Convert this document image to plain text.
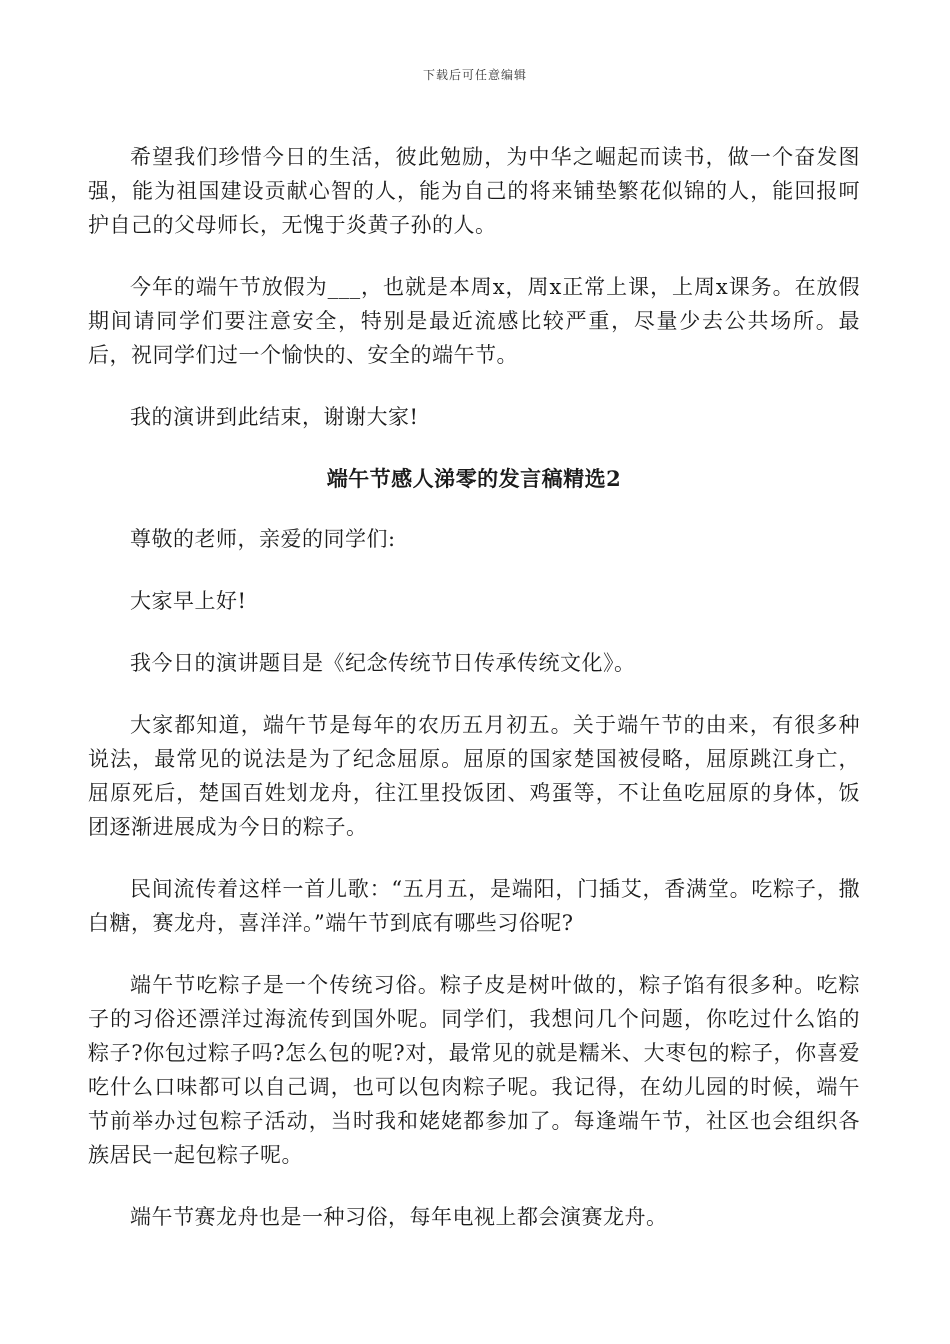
下载后可任意编辑

希望我们珍惜今日的生活，彼此勉励，为中华之崛起而读书，做一个奋发图强，能为祖国建设贡献心智的人，能为自己的将来铺垫繁花似锦的人，能回报呵护自己的父母师长，无愧于炎黄子孙的人。

今年的端午节放假为___，也就是本周x，周x正常上课，上周x课务。在放假期间请同学们要注意安全，特别是最近流感比较严重，尽量少去公共场所。最后，祝同学们过一个愉快的、安全的端午节。

我的演讲到此结束，谢谢大家!

端午节感人涕零的发言稿精选2

尊敬的老师，亲爱的同学们:

大家早上好!

我今日的演讲题目是《纪念传统节日传承传统文化》。

大家都知道，端午节是每年的农历五月初五。关于端午节的由来，有很多种说法，最常见的说法是为了纪念屈原。屈原的国家楚国被侵略，屈原跳江身亡，屈原死后，楚国百姓划龙舟，往江里投饭团、鸡蛋等，不让鱼吃屈原的身体，饭团逐渐进展成为今日的粽子。

民间流传着这样一首儿歌：“五月五，是端阳，门插艾，香满堂。吃粽子，撒白糖，赛龙舟，喜洋洋。”端午节到底有哪些习俗呢?

端午节吃粽子是一个传统习俗。粽子皮是树叶做的，粽子馅有很多种。吃粽子的习俗还漂洋过海流传到国外呢。同学们，我想问几个问题，你吃过什么馅的粽子?你包过粽子吗?怎么包的呢?对，最常见的就是糯米、大枣包的粽子，你喜爱吃什么口味都可以自己调，也可以包肉粽子呢。我记得，在幼儿园的时候，端午节前举办过包粽子活动，当时我和姥姥都参加了。每逢端午节，社区也会组织各族居民一起包粽子呢。

端午节赛龙舟也是一种习俗，每年电视上都会演赛龙舟。
